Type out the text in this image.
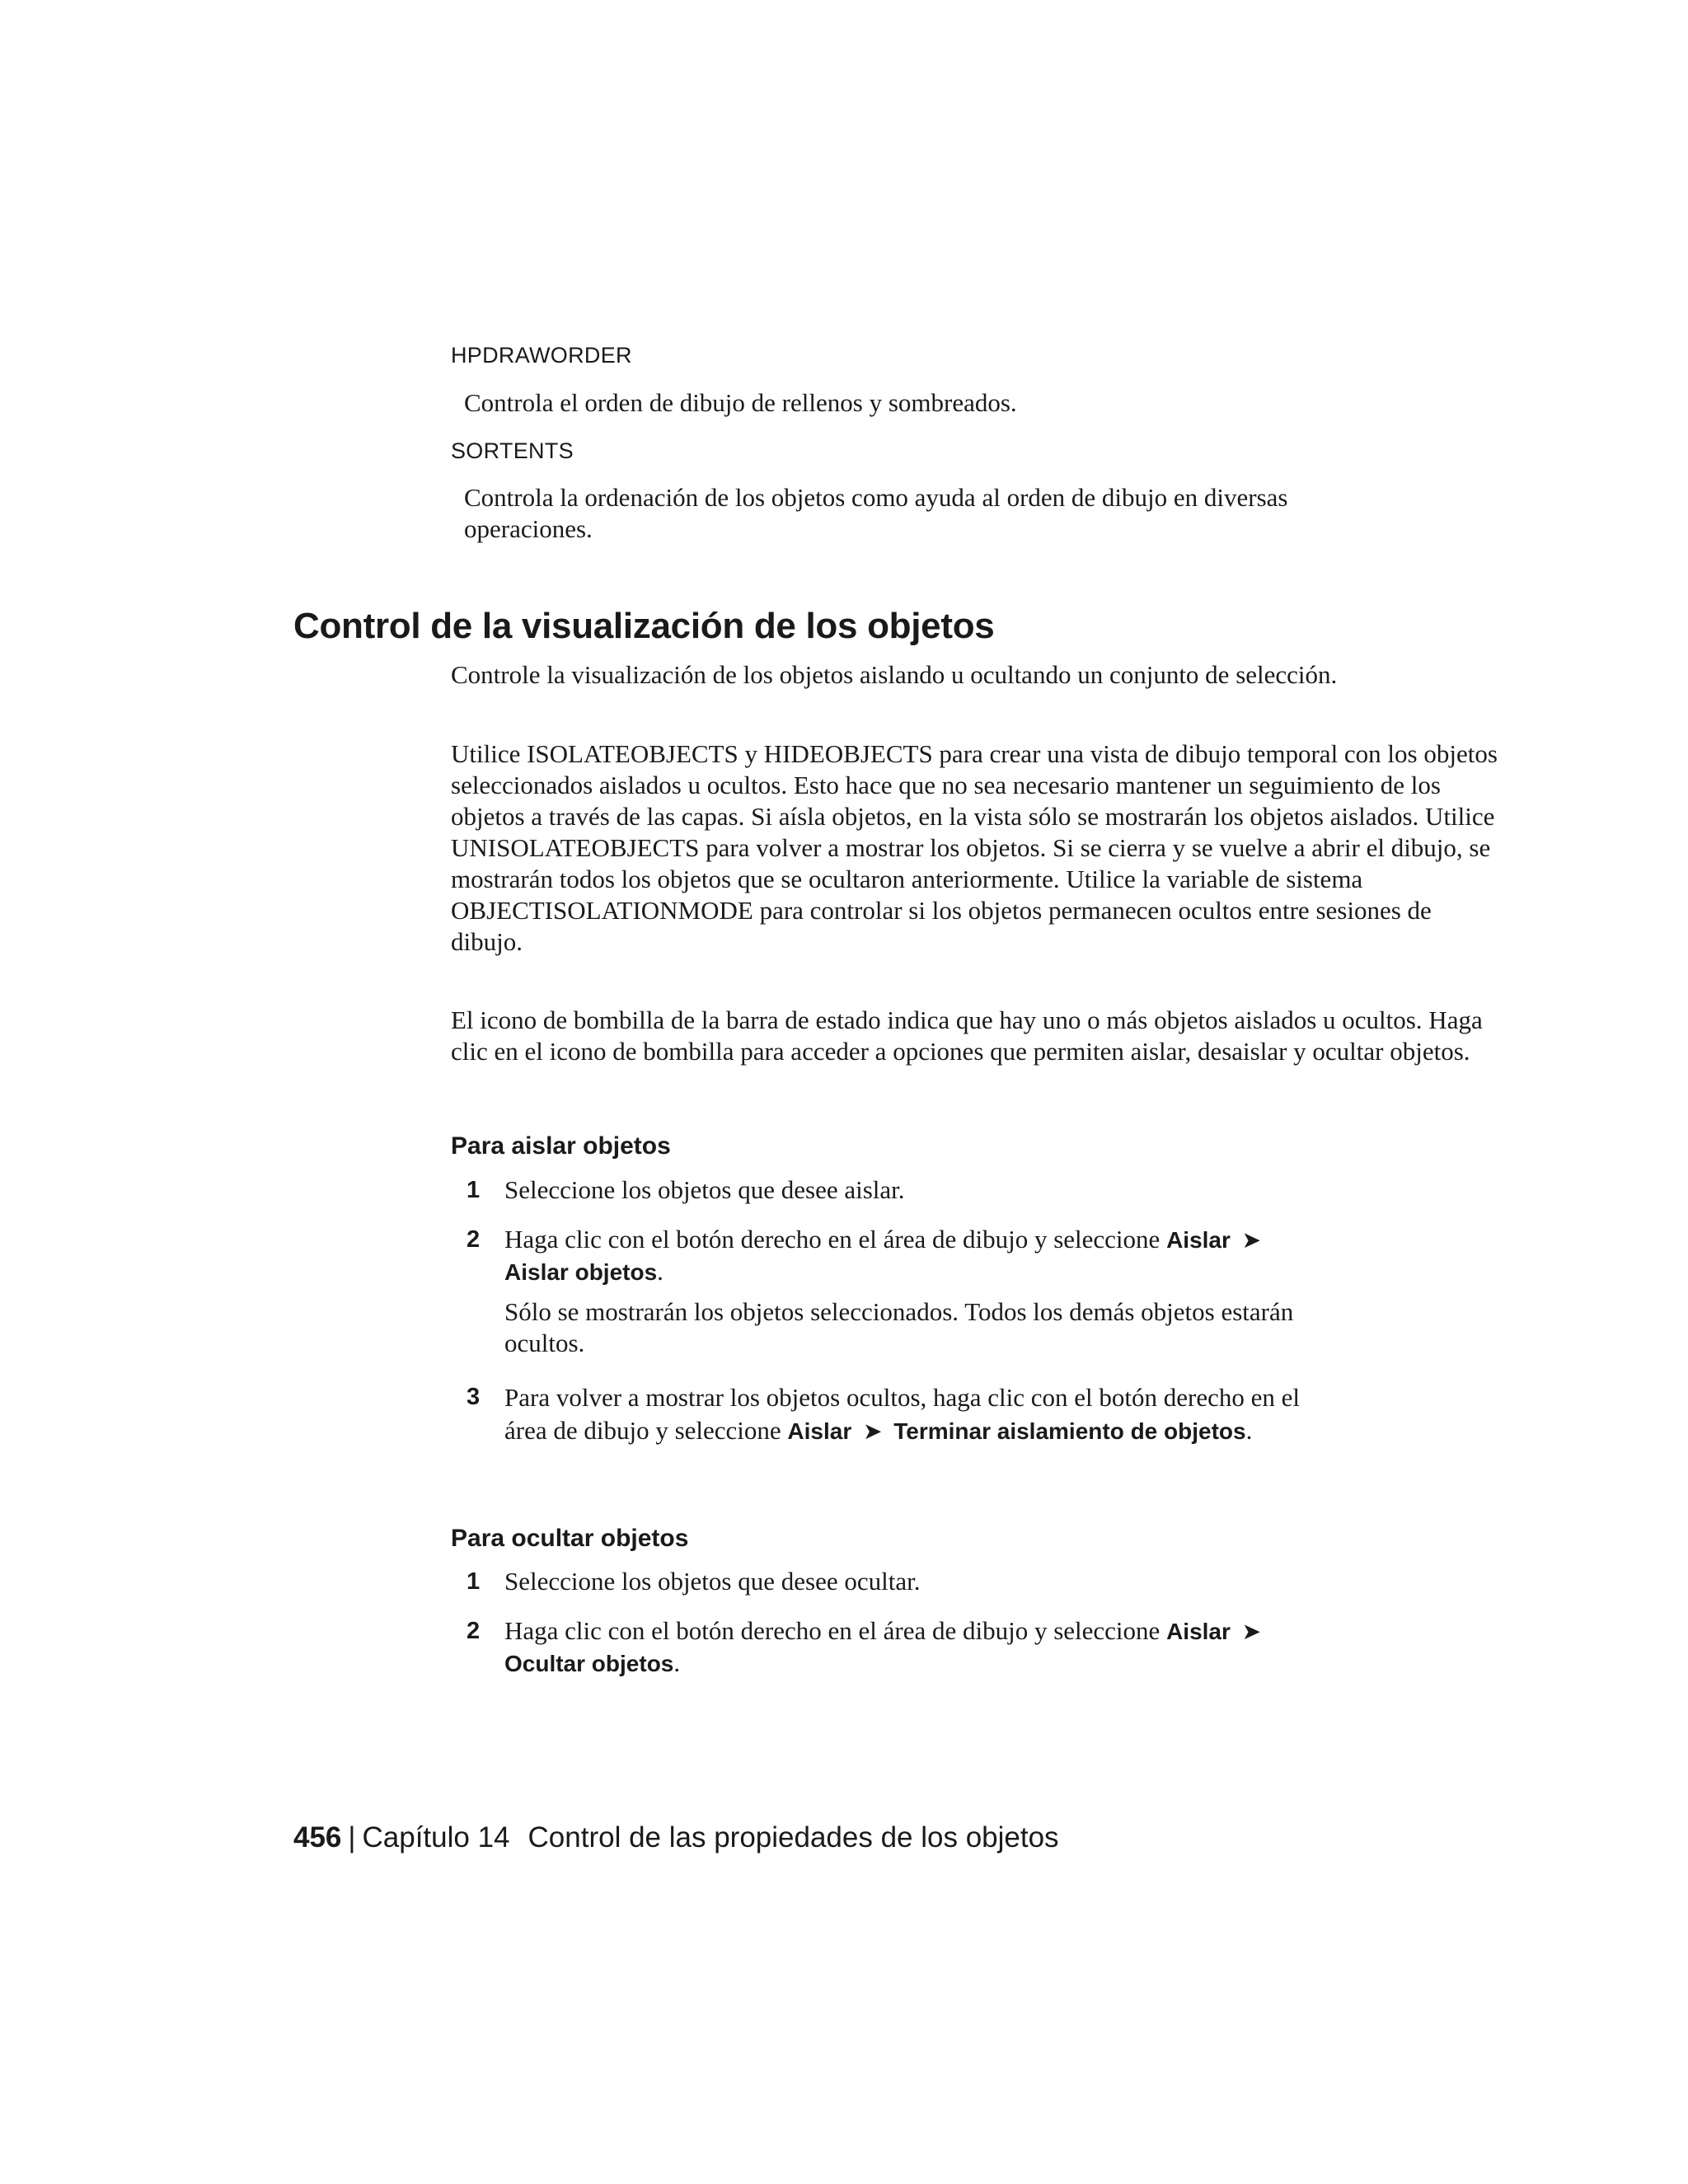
HPDRAWORDER
Controla el orden de dibujo de rellenos y sombreados.
SORTENTS
Controla la ordenación de los objetos como ayuda al orden de dibujo en diversas operaciones.
Control de la visualización de los objetos
Controle la visualización de los objetos aislando u ocultando un conjunto de selección.
Utilice ISOLATEOBJECTS y HIDEOBJECTS para crear una vista de dibujo temporal con los objetos seleccionados aislados u ocultos. Esto hace que no sea necesario mantener un seguimiento de los objetos a través de las capas. Si aísla objetos, en la vista sólo se mostrarán los objetos aislados. Utilice UNISOLATEOBJECTS para volver a mostrar los objetos. Si se cierra y se vuelve a abrir el dibujo, se mostrarán todos los objetos que se ocultaron anteriormente. Utilice la variable de sistema OBJECTISOLATIONMODE para controlar si los objetos permanecen ocultos entre sesiones de dibujo.
El icono de bombilla de la barra de estado indica que hay uno o más objetos aislados u ocultos. Haga clic en el icono de bombilla para acceder a opciones que permiten aislar, desaislar y ocultar objetos.
Para aislar objetos
1 Seleccione los objetos que desee aislar.
2 Haga clic con el botón derecho en el área de dibujo y seleccione Aislar ➤ Aislar objetos.
Sólo se mostrarán los objetos seleccionados. Todos los demás objetos estarán ocultos.
3 Para volver a mostrar los objetos ocultos, haga clic con el botón derecho en el área de dibujo y seleccione Aislar ➤ Terminar aislamiento de objetos.
Para ocultar objetos
1 Seleccione los objetos que desee ocultar.
2 Haga clic con el botón derecho en el área de dibujo y seleccione Aislar ➤ Ocultar objetos.
456 | Capítulo 14 Control de las propiedades de los objetos
